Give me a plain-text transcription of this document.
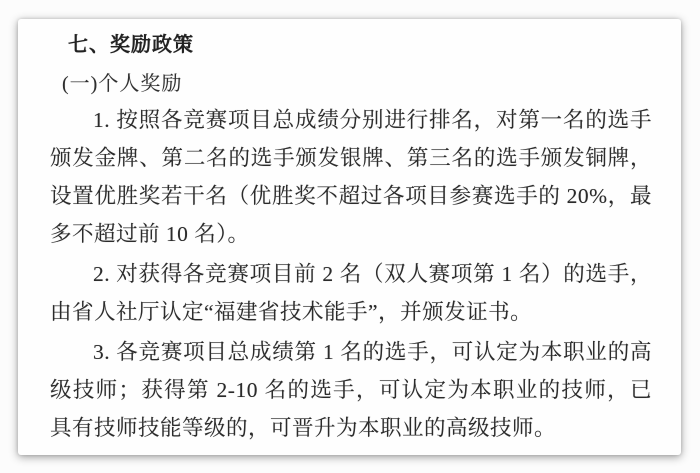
七、奖励政策
(一)个人奖励

1. 按照各竞赛项目总成绩分别进行排名，对第一名的选手颁发金牌、第二名的选手颁发银牌、第三名的选手颁发铜牌，设置优胜奖若干名（优胜奖不超过各项目参赛选手的 20%，最多不超过前 10 名）。

2. 对获得各竞赛项目前 2 名（双人赛项第 1 名）的选手，由省人社厅认定“福建省技术能手”，并颁发证书。

3. 各竞赛项目总成绩第 1 名的选手，可认定为本职业的高级技师；获得第 2-10 名的选手，可认定为本职业的技师，已具有技师技能等级的，可晋升为本职业的高级技师。
